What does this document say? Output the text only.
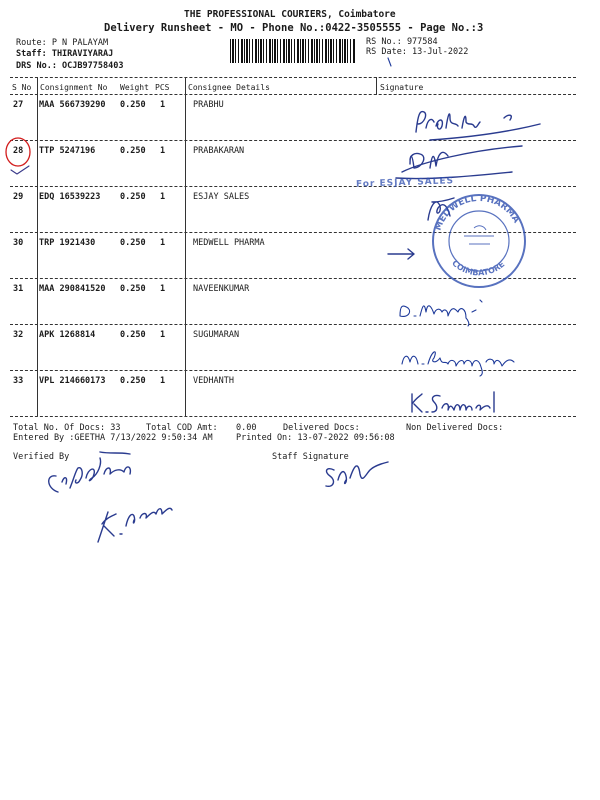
THE PROFESSIONAL COURIERS, Coimbatore
Delivery Runsheet - MO - Phone No.:0422-3505555 - Page No.:3
Route: P N PALAYAM
Staff: THIRAVIYARAJ
DRS No.: OCJB97758403
RS No.: 977584
RS Date: 13-Jul-2022
S No Consignment No Weight PCS Consignee Details	Signature
27 MAA 566739290 0.250 1	PRABHU
28 TTP 5247196	0.250 1	PRABAKARAN
29 EDQ 16539223 0.250 1	ESJAY SALES
30 TRP 1921430	0.250 1	MEDWELL PHARMA
31 MAA 290841520 0.250 1	NAVEENKUMAR
32 APK 1268814	0.250 1	SUGUMARAN
33 VPL 214660173 0.250 1	VEDHANTH
Total No. Of Docs: 33	Total COD Amt: 0.00	Delivered Docs:	Non Delivered Docs:
Entered By :GEETHA 7/13/2022 9:50:34 AM	Printed On: 13-07-2022 09:56:08
Verified By	Staff Signature
For ESJAY SALES
MEDWELL PHARMA
COIMBATORE
